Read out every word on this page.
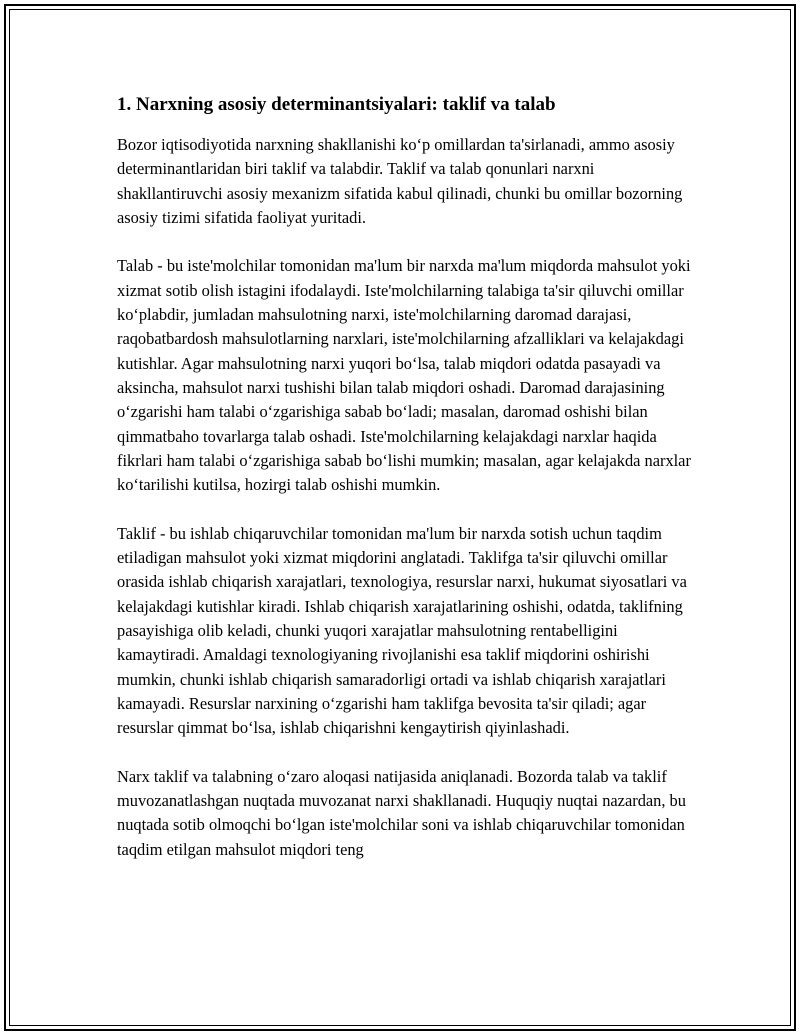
1. Narxning asosiy determinantsiyalari: taklif va talab

Bozor iqtisodiyotida narxning shakllanishi koʻp omillardan ta'sirlanadi, ammo asosiy determinantlaridan biri taklif va talabdir. Taklif va talab qonunlari narxni shakllantiruvchi asosiy mexanizm sifatida kabul qilinadi, chunki bu omillar bozorning asosiy tizimi sifatida faoliyat yuritadi.

Talab - bu iste'molchilar tomonidan ma'lum bir narxda ma'lum miqdorda mahsulot yoki xizmat sotib olish istagini ifodalaydi. Iste'molchilarning talabiga ta'sir qiluvchi omillar koʻplabdir, jumladan mahsulotning narxi, iste'molchilarning daromad darajasi, raqobatbardosh mahsulotlarning narxlari, iste'molchilarning afzalliklari va kelajakdagi kutishlar. Agar mahsulotning narxi yuqori boʻlsa, talab miqdori odatda pasayadi va aksincha, mahsulot narxi tushishi bilan talab miqdori oshadi. Daromad darajasining oʻzgarishi ham talabi oʻzgarishiga sabab boʻladi; masalan, daromad oshishi bilan qimmatbaho tovarlarga talab oshadi. Iste'molchilarning kelajakdagi narxlar haqida fikrlari ham talabi oʻzgarishiga sabab boʻlishi mumkin; masalan, agar kelajakda narxlar koʻtarilishi kutilsa, hozirgi talab oshishi mumkin.

Taklif - bu ishlab chiqaruvchilar tomonidan ma'lum bir narxda sotish uchun taqdim etiladigan mahsulot yoki xizmat miqdorini anglatadi. Taklifga ta'sir qiluvchi omillar orasida ishlab chiqarish xarajatlari, texnologiya, resurslar narxi, hukumat siyosatlari va kelajakdagi kutishlar kiradi. Ishlab chiqarish xarajatlarining oshishi, odatda, taklifning pasayishiga olib keladi, chunki yuqori xarajatlar mahsulotning rentabelligini kamaytiradi. Amaldagi texnologiyaning rivojlanishi esa taklif miqdorini oshirishi mumkin, chunki ishlab chiqarish samaradorligi ortadi va ishlab chiqarish xarajatlari kamayadi. Resurslar narxining oʻzgarishi ham taklifga bevosita ta'sir qiladi; agar resurslar qimmat boʻlsa, ishlab chiqarishni kengaytirish qiyinlashadi.

Narx taklif va talabning oʻzaro aloqasi natijasida aniqlanadi. Bozorda talab va taklif muvozanatlashgan nuqtada muvozanat narxi shakllanadi. Huquqiy nuqtai nazardan, bu nuqtada sotib olmoqchi boʻlgan iste'molchilar soni va ishlab chiqaruvchilar tomonidan taqdim etilgan mahsulot miqdori teng
